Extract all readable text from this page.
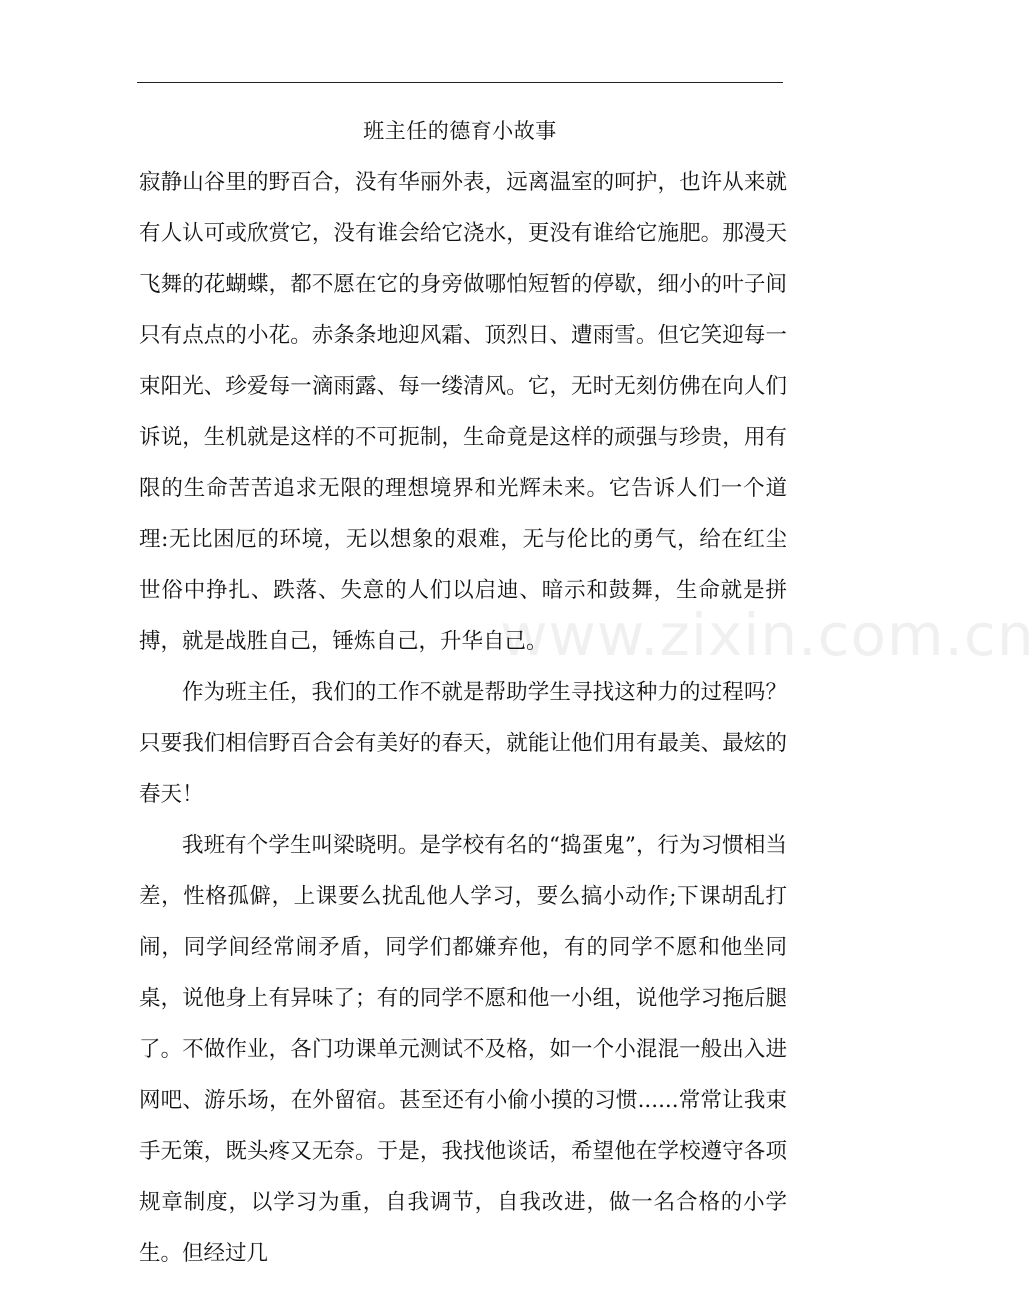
班主任的德育小故事

寂静山谷里的野百合，没有华丽外表，远离温室的呵护，也许从来就有人认可或欣赏它，没有谁会给它浇水，更没有谁给它施肥。那漫天飞舞的花蝴蝶，都不愿在它的身旁做哪怕短暂的停歇，细小的叶子间只有点点的小花。赤条条地迎风霜、顶烈日、遭雨雪。但它笑迎每一束阳光、珍爱每一滴雨露、每一缕清风。它，无时无刻仿佛在向人们诉说，生机就是这样的不可扼制，生命竟是这样的顽强与珍贵，用有限的生命苦苦追求无限的理想境界和光辉未来。它告诉人们一个道理:无比困厄的环境，无以想象的艰难，无与伦比的勇气，给在红尘世俗中挣扎、跌落、失意的人们以启迪、暗示和鼓舞，生命就是拼搏，就是战胜自己，锤炼自己，升华自己。

作为班主任，我们的工作不就是帮助学生寻找这种力的过程吗？只要我们相信野百合会有美好的春天，就能让他们用有最美、最炫的春天！

我班有个学生叫梁晓明。是学校有名的“捣蛋鬼”，行为习惯相当差，性格孤僻，上课要么扰乱他人学习，要么搞小动作;下课胡乱打闹，同学间经常闹矛盾，同学们都嫌弃他，有的同学不愿和他坐同桌，说他身上有异味了；有的同学不愿和他一小组，说他学习拖后腿了。不做作业，各门功课单元测试不及格，如一个小混混一般出入进网吧、游乐场，在外留宿。甚至还有小偷小摸的习惯......常常让我束手无策，既头疼又无奈。于是，我找他谈话，希望他在学校遵守各项规章制度，以学习为重，自我调节，自我改进，做一名合格的小学生。但经过几

www.zixin.com.cn
